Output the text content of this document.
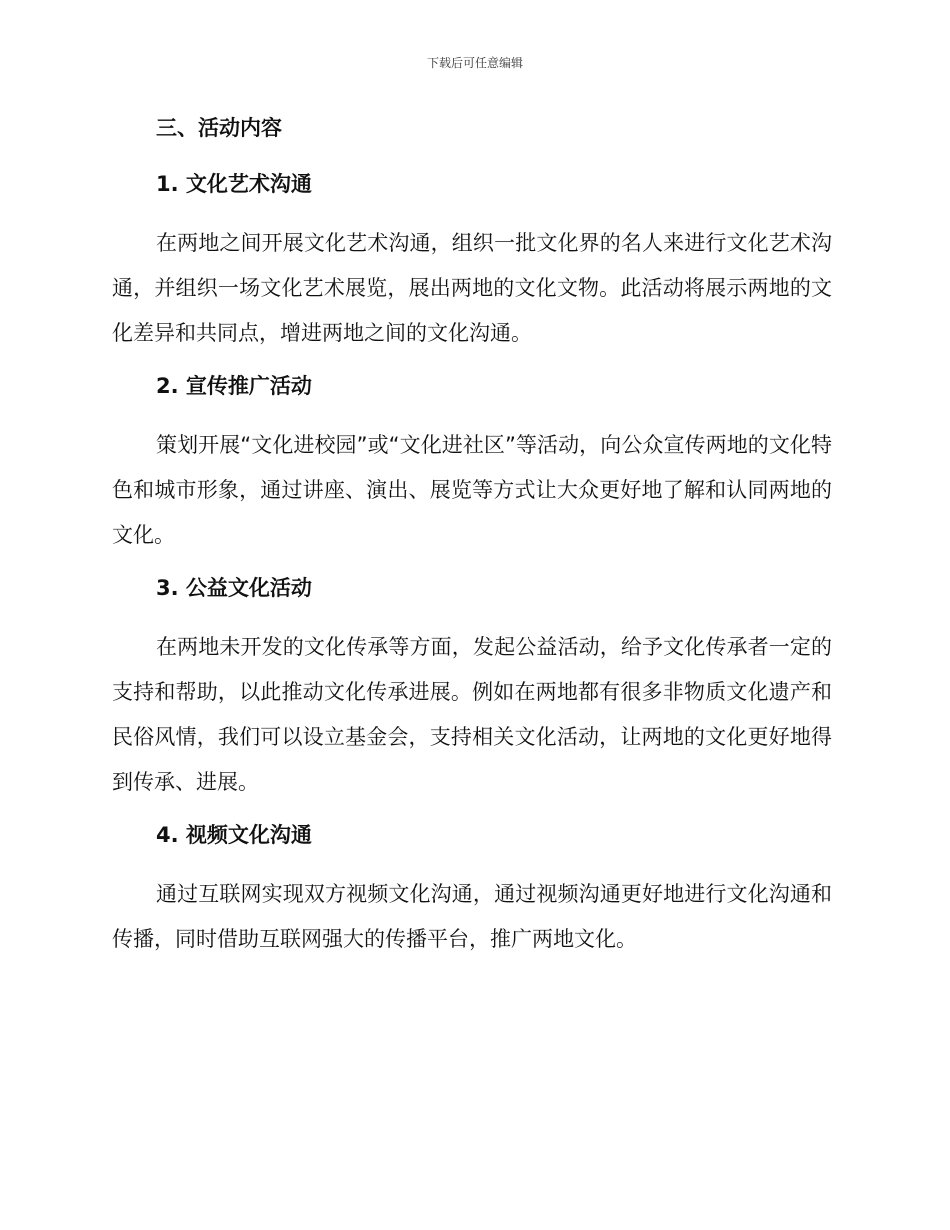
下载后可任意编辑
三、活动内容
1. 文化艺术沟通
在两地之间开展文化艺术沟通，组织一批文化界的名人来进行文化艺术沟通，并组织一场文化艺术展览，展出两地的文化文物。此活动将展示两地的文化差异和共同点，增进两地之间的文化沟通。
2. 宣传推广活动
策划开展“文化进校园”或“文化进社区”等活动，向公众宣传两地的文化特色和城市形象，通过讲座、演出、展览等方式让大众更好地了解和认同两地的文化。
3. 公益文化活动
在两地未开发的文化传承等方面，发起公益活动，给予文化传承者一定的支持和帮助，以此推动文化传承进展。例如在两地都有很多非物质文化遗产和民俗风情，我们可以设立基金会，支持相关文化活动，让两地的文化更好地得到传承、进展。
4. 视频文化沟通
通过互联网实现双方视频文化沟通，通过视频沟通更好地进行文化沟通和传播，同时借助互联网强大的传播平台，推广两地文化。
